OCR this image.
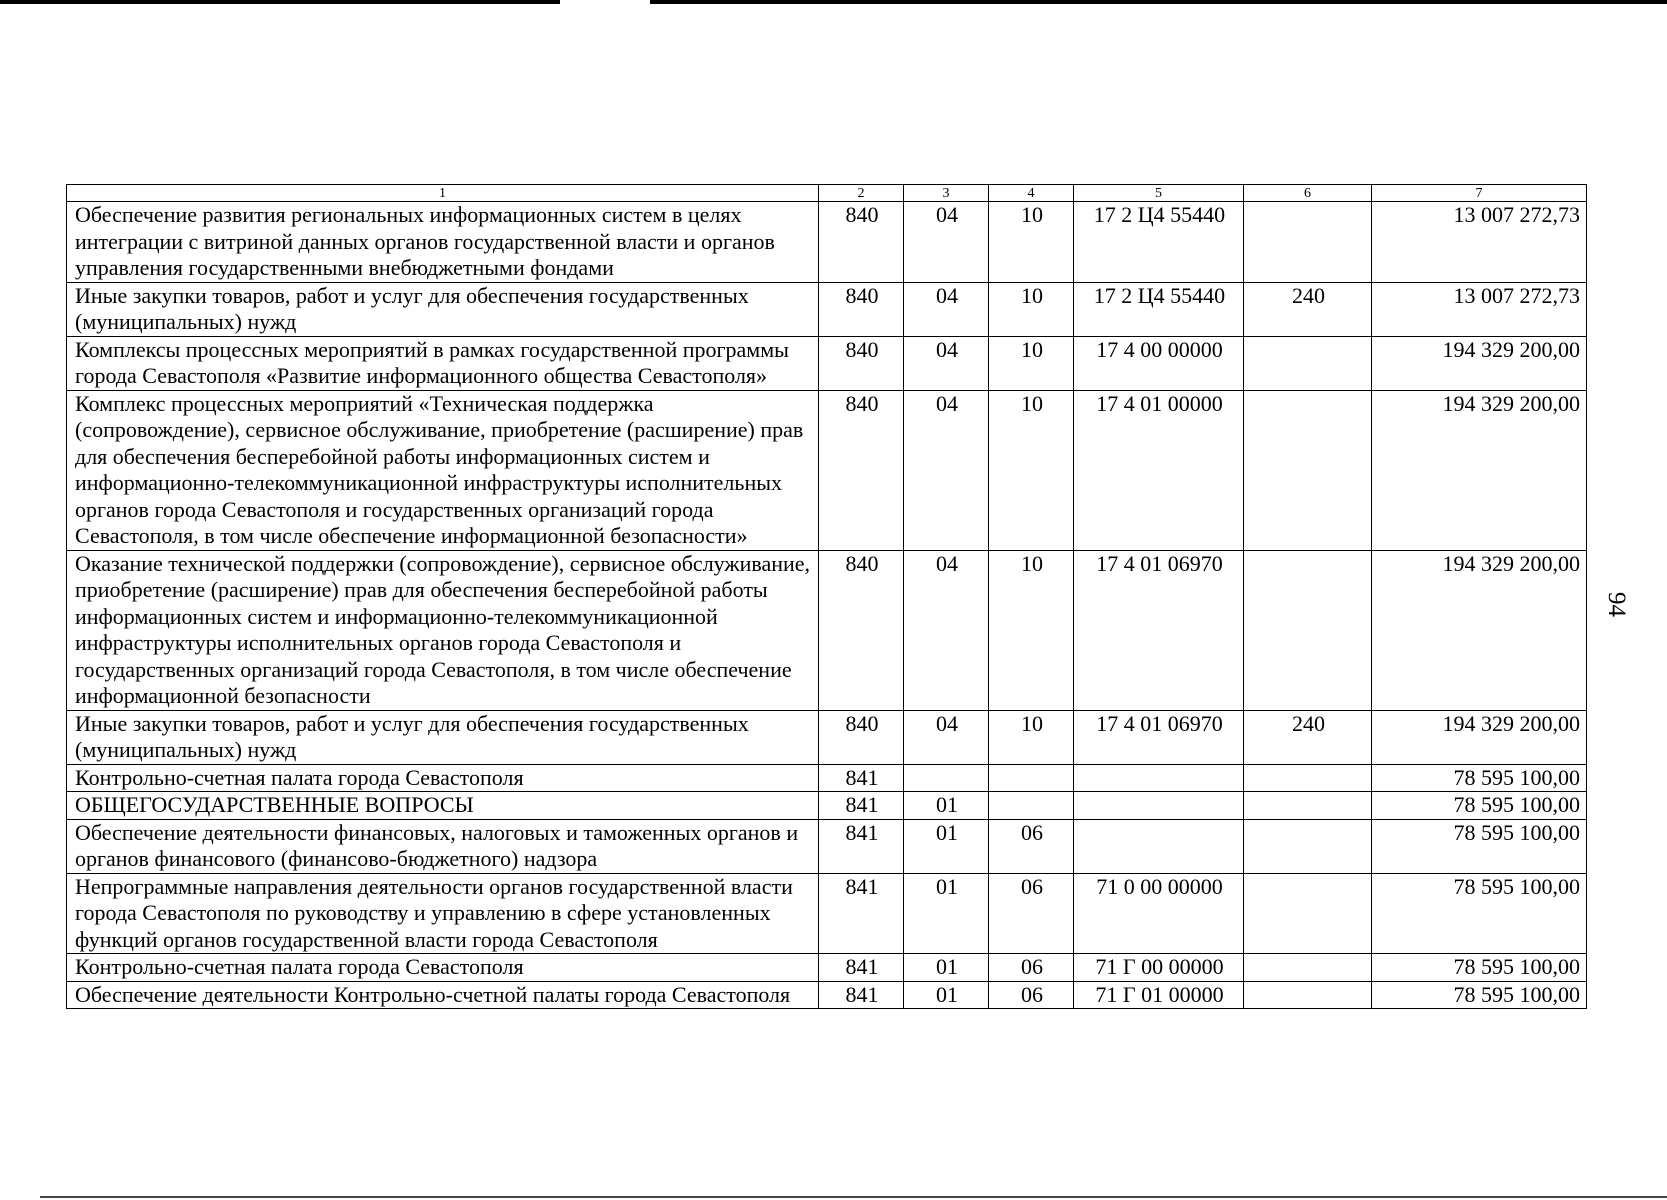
94
1	2	3	4	5	6	7
Обеспечение развития региональных информационных систем в целях интеграции с витриной данных органов государственной власти и органов управления государственными внебюджетными фондами	840	04	10	17 2 Ц4 55440		13 007 272,73
Иные закупки товаров, работ и услуг для обеспечения государственных (муниципальных) нужд	840	04	10	17 2 Ц4 55440	240	13 007 272,73
Комплексы процессных мероприятий в рамках государственной программы города Севастополя «Развитие информационного общества Севастополя»	840	04	10	17 4 00 00000		194 329 200,00
Комплекс процессных мероприятий «Техническая поддержка (сопровождение), сервисное обслуживание, приобретение (расширение) прав для обеспечения бесперебойной работы информационных систем и информационно-телекоммуникационной инфраструктуры исполнительных органов города Севастополя и государственных организаций города Севастополя, в том числе обеспечение информационной безопасности»	840	04	10	17 4 01 00000		194 329 200,00
Оказание технической поддержки (сопровождение), сервисное обслуживание, приобретение (расширение) прав для обеспечения бесперебойной работы информационных систем и информационно-телекоммуникационной инфраструктуры исполнительных органов города Севастополя и государственных организаций города Севастополя, в том числе обеспечение информационной безопасности	840	04	10	17 4 01 06970		194 329 200,00
Иные закупки товаров, работ и услуг для обеспечения государственных (муниципальных) нужд	840	04	10	17 4 01 06970	240	194 329 200,00
Контрольно-счетная палата города Севастополя	841					78 595 100,00
ОБЩЕГОСУДАРСТВЕННЫЕ ВОПРОСЫ	841	01				78 595 100,00
Обеспечение деятельности финансовых, налоговых и таможенных органов и органов финансового (финансово-бюджетного) надзора	841	01	06			78 595 100,00
Непрограммные направления деятельности органов государственной власти города Севастополя по руководству и управлению в сфере установленных функций органов государственной власти города Севастополя	841	01	06	71 0 00 00000		78 595 100,00
Контрольно-счетная палата города Севастополя	841	01	06	71 Г 00 00000		78 595 100,00
Обеспечение деятельности Контрольно-счетной палаты города Севастополя	841	01	06	71 Г 01 00000		78 595 100,00
